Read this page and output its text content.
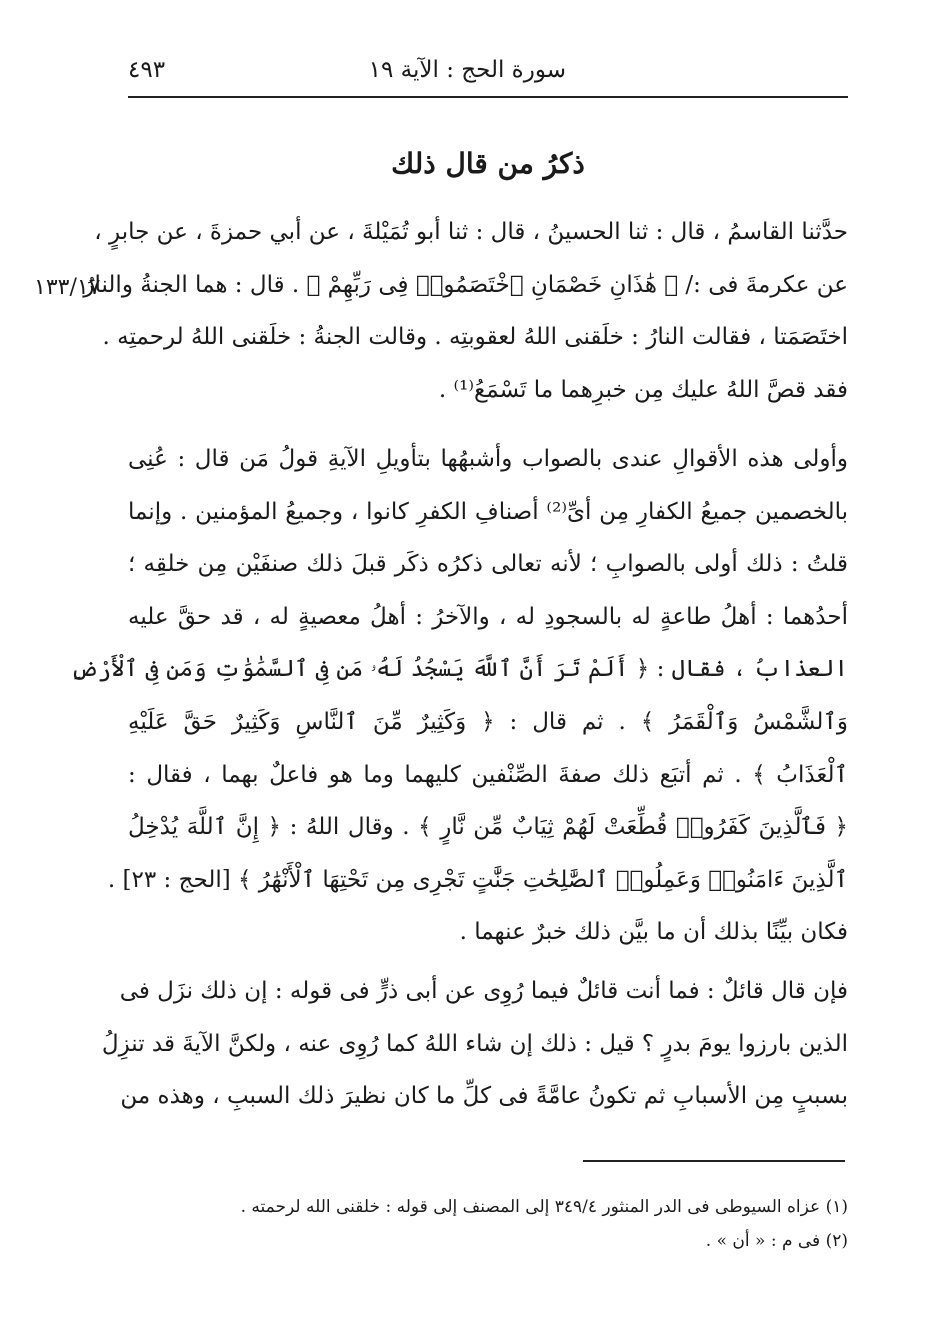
سورة الحج : الآية ١٩
٤٩٣
ذكرُ من قال ذلك
١٣٣/١٧
حدَّثنا القاسمُ ، قال : ثنا الحسينُ ، قال : ثنا أبو تُمَيْلةَ ، عن أبي حمزةَ ، عن جابرٍ ،
عن عكرمةَ فى :/ ﴿ هَٰذَانِ خَصْمَانِ ٱخْتَصَمُوا۟ فِى رَبِّهِمْ ﴾ . قال : هما الجنةُ والنارُ
اختَصَمَتا ، فقالت النارُ : خلَقنى اللهُ لعقوبتِه . وقالت الجنةُ : خلَقنى اللهُ لرحمتِه .
فقد قصَّ اللهُ عليك مِن خبرِهما ما تَسْمَعُ⁽¹⁾ .
وأولى هذه الأقوالِ عندى بالصواب وأشبهُها بتأويلِ الآيةِ قولُ مَن قال : عُنِى
بالخصمين جميعُ الكفارِ مِن أىِّ⁽²⁾ أصنافِ الكفرِ كانوا ، وجميعُ المؤمنين . وإنما
قلتُ : ذلك أولى بالصوابِ ؛ لأنه تعالى ذكرُه ذكَر قبلَ ذلك صنفَيْن مِن خلقِه ؛
أحدُهما : أهلُ طاعةٍ له بالسجودِ له ، والآخرُ : أهلُ معصيةٍ له ، قد حقَّ عليه
العذابُ ، فقال : ﴿ أَلَمْ تَرَ أَنَّ ٱللَّهَ يَسْجُدُ لَهُۥ مَن فِى ٱلسَّمَٰوَٰتِ وَمَن فِى ٱلْأَرْضِ
وَٱلشَّمْسُ وَٱلْقَمَرُ ﴾ . ثم قال : ﴿ وَكَثِيرٌ مِّنَ ٱلنَّاسِ وَكَثِيرٌ حَقَّ عَلَيْهِ
ٱلْعَذَابُ ﴾ . ثم أتبَع ذلك صفةَ الصِّنْفين كليهما وما هو فاعلٌ بهما ، فقال :
﴿ فَٱلَّذِينَ كَفَرُوا۟ قُطِّعَتْ لَهُمْ ثِيَابٌ مِّن نَّارٍ ﴾ . وقال اللهُ : ﴿ إِنَّ ٱللَّهَ يُدْخِلُ
ٱلَّذِينَ ءَامَنُوا۟ وَعَمِلُوا۟ ٱلصَّٰلِحَٰتِ جَنَّٰتٍ تَجْرِى مِن تَحْتِهَا ٱلْأَنْهَٰرُ ﴾ [الحج : ٢٣] .
فكان بيِّنًا بذلك أن ما بيَّن ذلك خبرٌ عنهما .
فإن قال قائلٌ : فما أنت قائلٌ فيما رُوِى عن أبى ذرٍّ فى قوله : إن ذلك نزَل فى
الذين بارزوا يومَ بدرٍ ؟ قيل : ذلك إن شاء اللهُ كما رُوِى عنه ، ولكنَّ الآيةَ قد تنزِلُ
بسببٍ مِن الأسبابِ ثم تكونُ عامَّةً فى كلِّ ما كان نظيرَ ذلك السببِ ، وهذه من
(١) عزاه السيوطى فى الدر المنثور ٣٤٩/٤ إلى المصنف إلى قوله : خلقنى الله لرحمته .
(٢) فى م : « أن » .
